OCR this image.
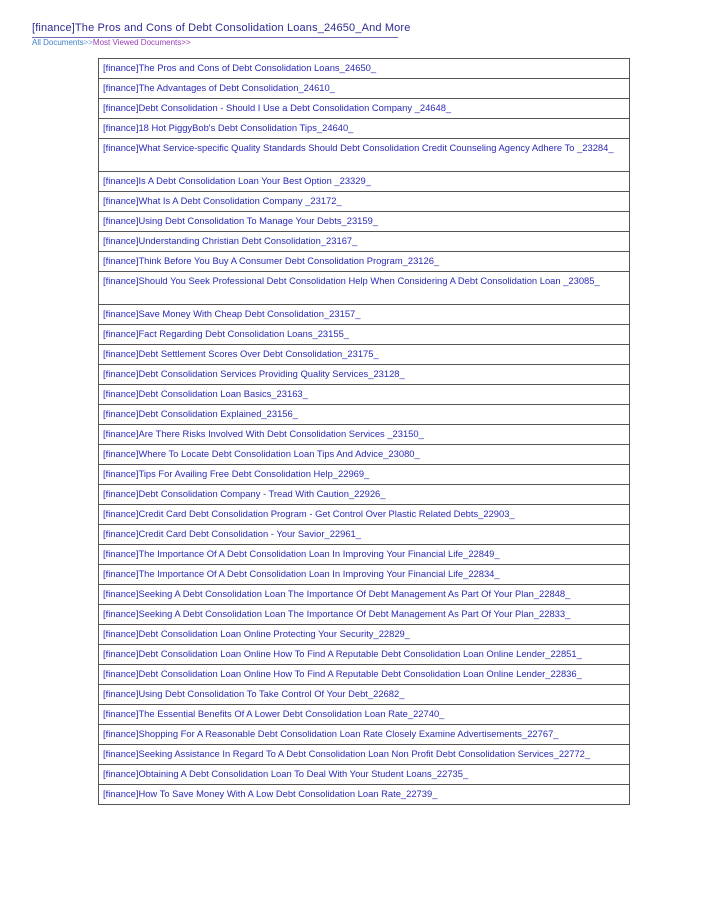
[finance]The Pros and Cons of Debt Consolidation Loans_24650_And More
All Documents>>Most Viewed Documents>>
[finance]The Pros and Cons of Debt Consolidation Loans_24650_
[finance]The Advantages of Debt Consolidation_24610_
[finance]Debt Consolidation - Should I Use a Debt Consolidation Company _24648_
[finance]18 Hot PiggyBob's Debt Consolidation Tips_24640_
[finance]What Service-specific Quality Standards Should Debt Consolidation Credit Counseling Agency Adhere To _23284_
[finance]Is A Debt Consolidation Loan Your Best Option _23329_
[finance]What Is A Debt Consolidation Company _23172_
[finance]Using Debt Consolidation To Manage Your Debts_23159_
[finance]Understanding Christian Debt Consolidation_23167_
[finance]Think Before You Buy A Consumer Debt Consolidation Program_23126_
[finance]Should You Seek Professional Debt Consolidation Help When Considering A Debt Consolidation Loan _23085_
[finance]Save Money With Cheap Debt Consolidation_23157_
[finance]Fact Regarding Debt Consolidation Loans_23155_
[finance]Debt Settlement Scores Over Debt Consolidation_23175_
[finance]Debt Consolidation Services Providing Quality Services_23128_
[finance]Debt Consolidation Loan Basics_23163_
[finance]Debt Consolidation Explained_23156_
[finance]Are There Risks Involved With Debt Consolidation Services _23150_
[finance]Where To Locate Debt Consolidation Loan Tips And Advice_23080_
[finance]Tips For Availing Free Debt Consolidation Help_22969_
[finance]Debt Consolidation Company - Tread With Caution_22926_
[finance]Credit Card Debt Consolidation Program - Get Control Over Plastic Related Debts_22903_
[finance]Credit Card Debt Consolidation - Your Savior_22961_
[finance]The Importance Of A Debt Consolidation Loan In Improving Your Financial Life_22849_
[finance]The Importance Of A Debt Consolidation Loan In Improving Your Financial Life_22834_
[finance]Seeking A Debt Consolidation Loan The Importance Of Debt Management As Part Of Your Plan_22848_
[finance]Seeking A Debt Consolidation Loan The Importance Of Debt Management As Part Of Your Plan_22833_
[finance]Debt Consolidation Loan Online Protecting Your Security_22829_
[finance]Debt Consolidation Loan Online How To Find A Reputable Debt Consolidation Loan Online Lender_22851_
[finance]Debt Consolidation Loan Online How To Find A Reputable Debt Consolidation Loan Online Lender_22836_
[finance]Using Debt Consolidation To Take Control Of Your Debt_22682_
[finance]The Essential Benefits Of A Lower Debt Consolidation Loan Rate_22740_
[finance]Shopping For A Reasonable Debt Consolidation Loan Rate Closely Examine Advertisements_22767_
[finance]Seeking Assistance In Regard To A Debt Consolidation Loan Non Profit Debt Consolidation Services_22772_
[finance]Obtaining A Debt Consolidation Loan To Deal With Your Student Loans_22735_
[finance]How To Save Money With A Low Debt Consolidation Loan Rate_22739_
